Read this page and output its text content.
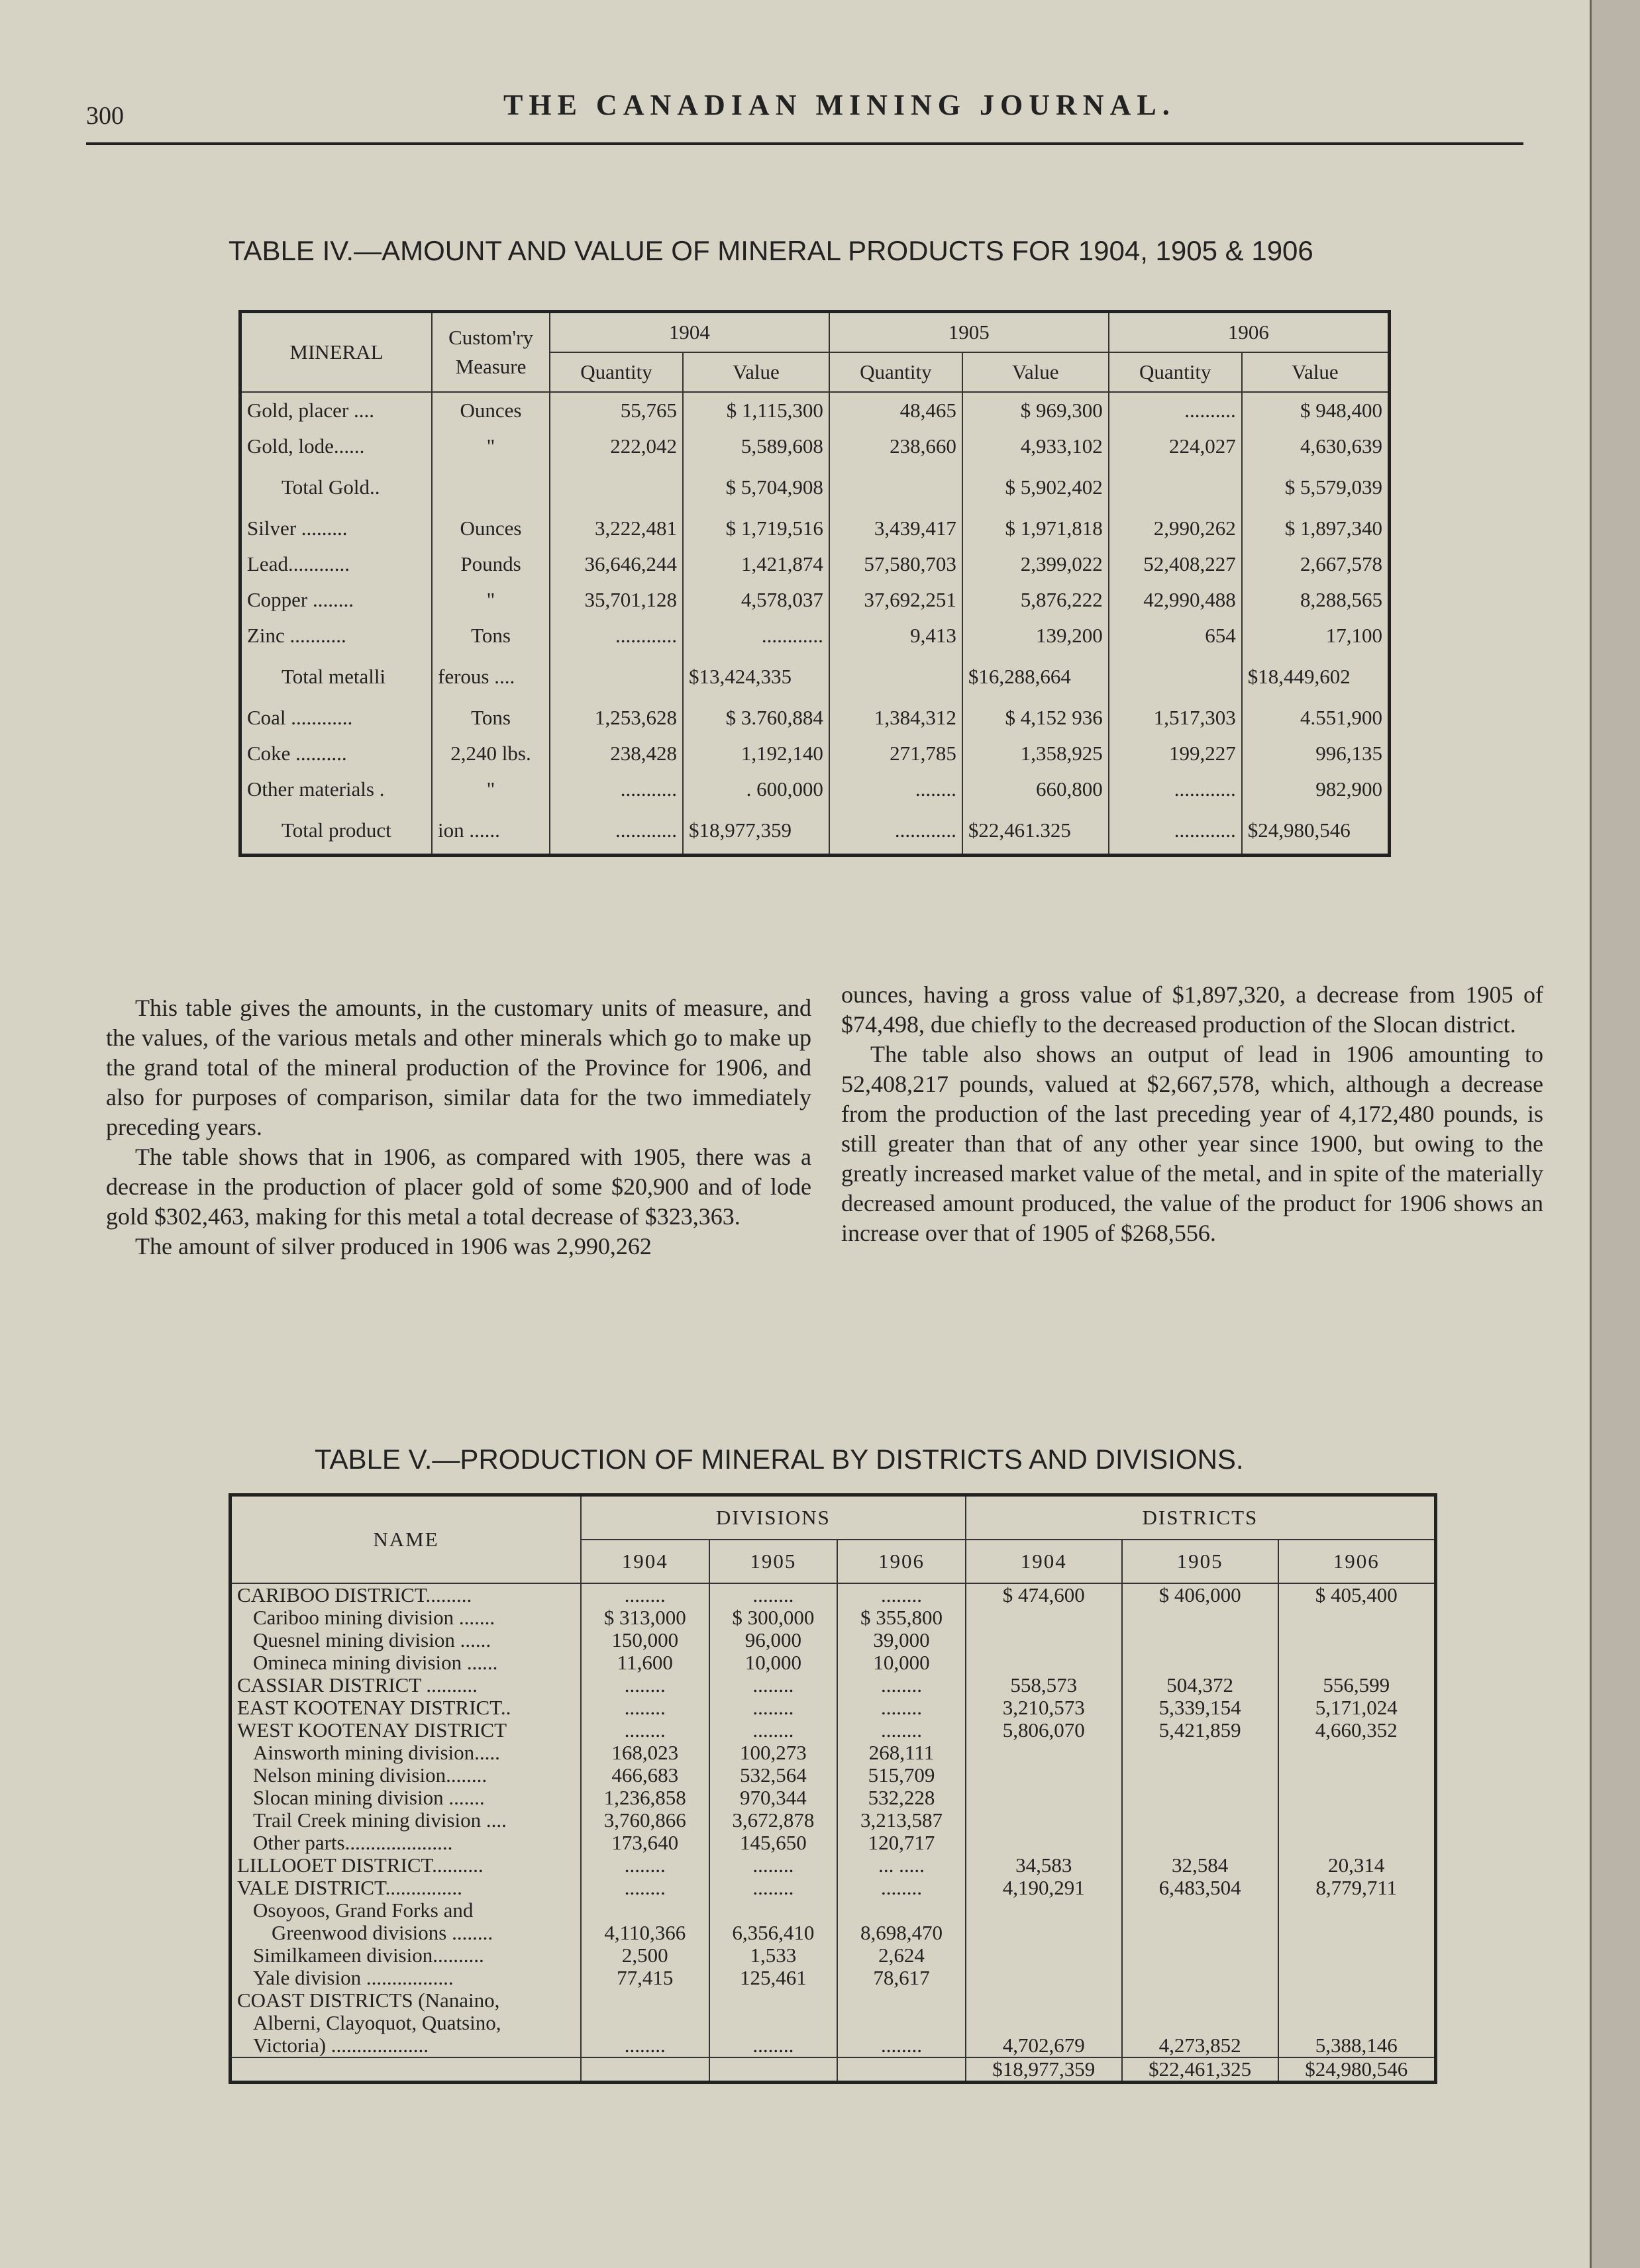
300	THE CANADIAN MINING JOURNAL.
TABLE IV.—AMOUNT AND VALUE OF MINERAL PRODUCTS FOR 1904, 1905 & 1906
MINERAL	Custom'ry Measure	1904		1905		1906	
		Quantity	Value	Quantity	Value	Quantity	Value
Gold, placer ....	Ounces	55,765	$ 1,115,300	48,465	$ 969,300	..........	$ 948,400
Gold, lode......	"	222,042	5,589,608	238,660	4,933,102	224,027	4,630,639
Total Gold..			$ 5,704,908		$ 5,902,402		$ 5,579,039
Silver .........	Ounces	3,222,481	$ 1,719,516	3,439,417	$ 1,971,818	2,990,262	$ 1,897,340
Lead............	Pounds	36,646,244	1,421,874	57,580,703	2,399,022	52,408,227	2,667,578
Copper ........	"	35,701,128	4,578,037	37,692,251	5,876,222	42,990,488	8,288,565
Zinc ...........	Tons	............	............	9,413	139,200	654	17,100
Total metalli	ferous ....		$13,424,335		$16,288,664		$18,449,602
Coal ............	Tons	1,253,628	$ 3.760,884	1,384,312	$ 4,152 936	1,517,303	4.551,900
Coke ..........	2,240 lbs.	238,428	1,192,140	271,785	1,358,925	199,227	996,135
Other materials .	"	...........	. 600,000	........	660,800	............	982,900
Total product	ion ......	............	$18,977,359	............	$22,461.325	............	$24,980,546

This table gives the amounts, in the customary units of measure, and the values, of the various metals and other minerals which go to make up the grand total of the mineral production of the Province for 1906, and also for purposes of comparison, similar data for the two immediately preceding years.

The table shows that in 1906, as compared with 1905, there was a decrease in the production of placer gold of some $20,900 and of lode gold $302,463, making for this metal a total decrease of $323,363.

The amount of silver produced in 1906 was 2,990,262

ounces, having a gross value of $1,897,320, a decrease from 1905 of $74,498, due chiefly to the decreased production of the Slocan district.

The table also shows an output of lead in 1906 amounting to 52,408,217 pounds, valued at $2,667,578, which, although a decrease from the production of the last preceding year of 4,172,480 pounds, is still greater than that of any other year since 1900, but owing to the greatly increased market value of the metal, and in spite of the materially decreased amount produced, the value of the product for 1906 shows an increase over that of 1905 of $268,556.

TABLE V.—PRODUCTION OF MINERAL BY DISTRICTS AND DIVISIONS.
NAME	DIVISIONS			DISTRICTS		
	1904	1905	1906	1904	1905	1906
CARIBOO DISTRICT.........	........	........	........	$ 474,600	$ 406,000	$ 405,400
Cariboo mining division .......	$ 313,000	$ 300,000	$ 355,800			
Quesnel mining division ......	150,000	96,000	39,000			
Omineca mining division ......	11,600	10,000	10,000			
CASSIAR DISTRICT ..........	........	........	........	558,573	504,372	556,599
EAST KOOTENAY DISTRICT..	........	........	........	3,210,573	5,339,154	5,171,024
WEST KOOTENAY DISTRICT	........	........	........	5,806,070	5,421,859	4,660,352
Ainsworth mining division.....	168,023	100,273	268,111			
Nelson mining division........	466,683	532,564	515,709			
Slocan mining division .......	1,236,858	970,344	532,228			
Trail Creek mining division ....	3,760,866	3,672,878	3,213,587			
Other parts.....................	173,640	145,650	120,717			
LILLOOET DISTRICT..........	........	........	... .....	34,583	32,584	20,314
VALE DISTRICT...............	........	........	........	4,190,291	6,483,504	8,779,711
Osoyoos, Grand Forks and						
Greenwood divisions ........	4,110,366	6,356,410	8,698,470			
Similkameen division..........	2,500	1,533	2,624			
Yale division .................	77,415	125,461	78,617			
COAST DISTRICTS (Nanaino,						
Alberni, Clayoquot, Quatsino,						
Victoria) ...................	........	........	........	4,702,679	4,273,852	5,388,146
				$18,977,359	$22,461,325	$24,980,546
